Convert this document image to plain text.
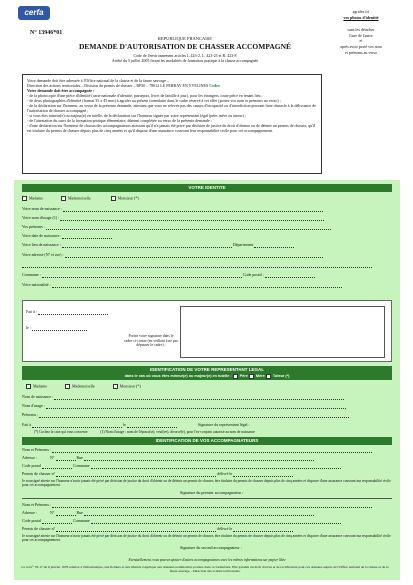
cerfa
N° 13946*01
REPUBLIQUE FRANCAISE
DEMANDE D'AUTORISATION DE CHASSER ACCOMPAGNÉ
Code de l'environnement articles L.423-2, L. 423-25 et R. 423-8
Arrêté du 5 juillet 2005 fixant les modalités de formation pratique à la chasse accompagnée
agrafez ici
vos photos d'identité
sans les détacher
l'une de l'autre
et
après avoir porté vos nom
et prénoms au verso
Votre demande doit être adressée à l'Office national de la chasse et de la faune sauvage –
Direction des actions territoriales – Division du permis de chasser – BP20 – 78612 LE PERRAY EN YVELINES Cedex
Votre demande doit être accompagnée :
- de la photocopie d'une pièce d'identité (carte nationale d'identité, passeport, livret de famille à jour), pour les étrangers, toute pièce en tenant lieu ;
- de deux photographies d'identité (format 35 x 45 mm) à agrafer au présent formulaire dans le cadre réservé à cet effet (portez vos nom et prénoms au verso) ;
- de la déclaration sur l'honneur, au verso de la présente demande, attestant que vous ne relevez pas des causes d'incapacité ou d'interdiction pouvant faire obstacle à la délivrance de l'autorisation de chasser accompagné ;
- si vous êtes mineur(e) ou majeur(e) en tutelle, de la déclaration sur l'honneur signée par votre représentant légal (père, mère ou tuteur) ;
- de l'attestation du suivi de la formation pratique élémentaire, dûment complétée au verso de la présente demande ;
- d'une déclaration sur l'honneur de chacun des accompagnateurs attestant qu'il n'a jamais été privé par décision de justice du droit d'obtenir ou de détenir un permis de chasser, qu'il est titulaire du permis de chasser depuis plus de cinq années et qu'il dispose d'une assurance couvrant leur responsabilité civile pour cet accompagnement.
VOTRE IDENTITE
Madame	Mademoiselle	Monsieur (*)
Votre nom de naissance :
Votre nom d'usage (1) :
Vos prénoms :
Votre date de naissance :
Votre lieu de naissance :	Département
Votre adresse (N° et rue) :
Commune :	Code postal :
Votre nationalité :
Fait à :
le :
Portez votre signature dans le cadre ci-contre (en veillant à ne pas dépasser le cadre) :
IDENTIFICATION DE VOTRE REPRESENTANT LEGAL
dans le cas où vous êtes mineur(e) ou majeur(e) en tutelle : Père Mère Tuteur (*)
Madame	Mademoiselle	Monsieur (*)
Nom de naissance :
Nom d'usage :
Prénoms :
Fait à	le	Signature du représentant légal :
(*) Cochez la case qui vous concerne	(1) Nom d'usage : nom de l'époux(se), veuf(ve), divorcé(e), pour l'ex-conjoint autorisé au nom de naissance
IDENTIFICATION DE VOS ACCOMPAGNATEURS
Nom et Prénoms :
Adresse :	N°	Rue
Code postal	Commune
Permis de chasser n°	délivré le
Je soussigné atteste sur l'honneur n'avoir jamais été privé par décision de justice du droit d'obtenir ou de détenir un permis de chasser, être titulaire du permis de chasser depuis plus de cinq années et disposer d'une assurance couvrant ma responsabilité civile pour cet accompagnement.
Signature du premier accompagnateur :
Nom et Prénoms :
Adresse :	N°	Rue
Code postal	Commune
Permis de chasser n°	délivré le
Je soussigné atteste sur l'honneur n'avoir jamais été privé par décision de justice du droit d'obtenir ou de détenir un permis de chasser, être titulaire du permis de chasser depuis plus de cinq années et disposer d'une assurance couvrant ma responsabilité civile pour cet accompagnement.
Signature du second accompagnateur :
Eventuellement, vous pouvez ajouter d'autres accompagnateurs avec les mêmes informations sur papier libre
La loi n° 78-17 du 6 janvier 1978 relative à l'informatique, aux fichiers et aux libertés s'applique aux données nominatives portées dans ce formulaire. Elle garantit un droit d'accès et de rectification pour ces données auprès de l'Office national de la chasse et de la faune sauvage – Direction des actions territoriales.
